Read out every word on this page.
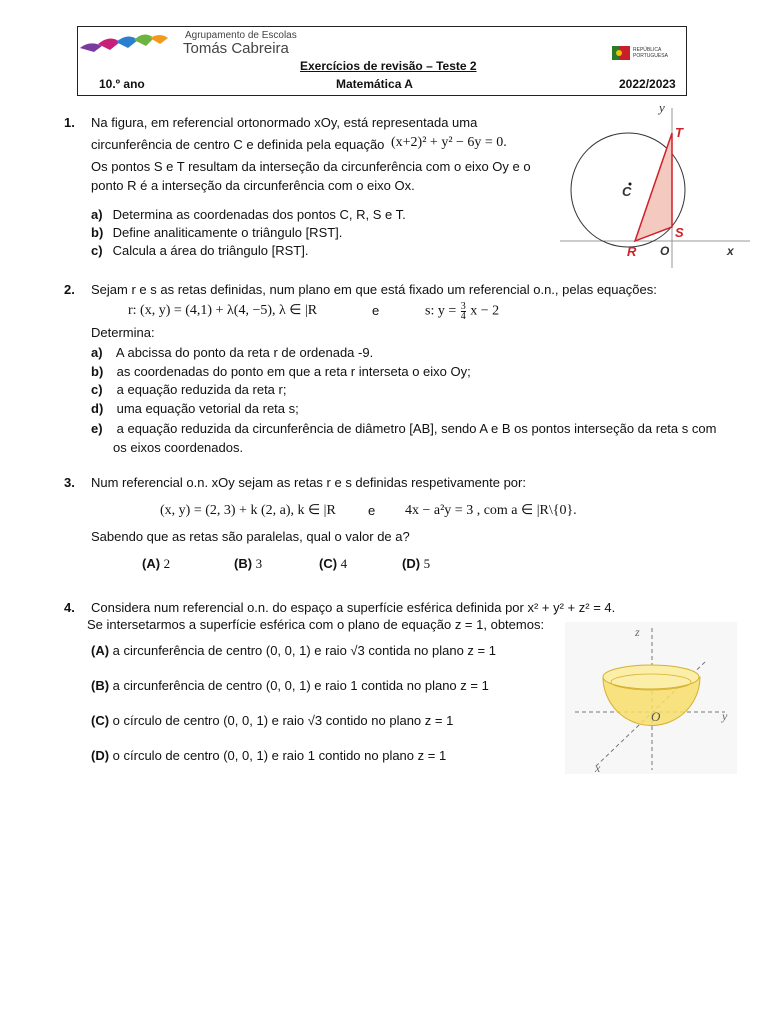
Agrupamento de Escolas
Tomás Cabreira	REPÚBLICA PORTUGUESA
Exercícios de revisão – Teste 2
10.º ano	Matemática A	2022/2023
1. Na figura, em referencial ortonormado xOy, está representada uma
circunferência de centro C e definida pela equação (x+2)² + y² − 6y = 0.
Os pontos S e T resultam da interseção da circunferência com o eixo Oy e o
ponto R é a interseção da circunferência com o eixo Ox.
a) Determina as coordenadas dos pontos C, R, S e T.
b) Define analiticamente o triângulo [RST].
c) Calcula a área do triângulo [RST].
y
T
C
S
R O	x
2. Sejam r e s as retas definidas, num plano em que está fixado um referencial o.n., pelas equações:
r: (x, y) = (4,1) + λ(4, −5), λ ∈ |R	e	s: $y = \frac{3}{4}$ x − 2
Determina:
a) A abcissa do ponto da reta r de ordenada -9.
b) as coordenadas do ponto em que a reta r interseta o eixo Oy;
c) a equação reduzida da reta r;
d) uma equação vetorial da reta s;
e) a equação reduzida da circunferência de diâmetro [AB], sendo A e B os pontos interseção da reta s com
os eixos coordenados.
3. Num referencial o.n. xOy sejam as retas r e s definidas respetivamente por:
(x, y) = (2, 3) + k (2, a), k ∈ |R e 4x − a²y = 3 , com a ∈ |R\{0}.
Sabendo que as retas são paralelas, qual o valor de a?
(A) 2	(B) 3	(C) 4	(D) 5
4. Considera num referencial o.n. do espaço a superfície esférica definida por x² + y² + z² = 4.
Se intersetarmos a superfície esférica com o plano de equação z = 1, obtemos:
(A) a circunferência de centro (0, 0, 1) e raio √3 contida no plano z = 1
(B) a circunferência de centro (0, 0, 1) e raio 1 contida no plano z = 1
(C) o círculo de centro (0, 0, 1) e raio √3 contido no plano z = 1
(D) o círculo de centro (0, 0, 1) e raio 1 contido no plano z = 1
z
y
x
O
